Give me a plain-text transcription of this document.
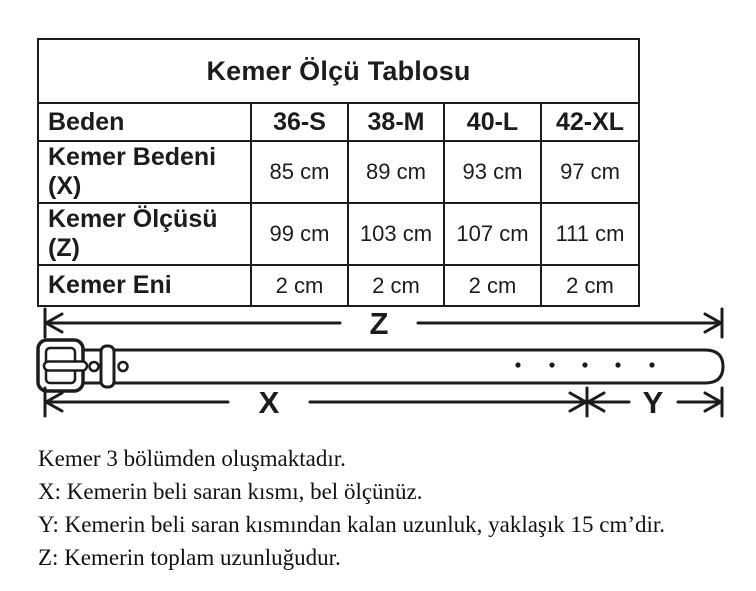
Kemer Ölçü Tablosu				
Beden	36-S	38-M	40-L	42-XL
Kemer Bedeni (X)	85 cm	89 cm	93 cm	97 cm
Kemer Ölçüsü (Z)	99 cm	103 cm	107 cm	111 cm
Kemer Eni	2 cm	2 cm	2 cm	2 cm
Z
X	Y
Kemer 3 bölümden oluşmaktadır.
X: Kemerin beli saran kısmı, bel ölçünüz.
Y: Kemerin beli saran kısmından kalan uzunluk, yaklaşık 15 cm’dir.
Z: Kemerin toplam uzunluğudur.
